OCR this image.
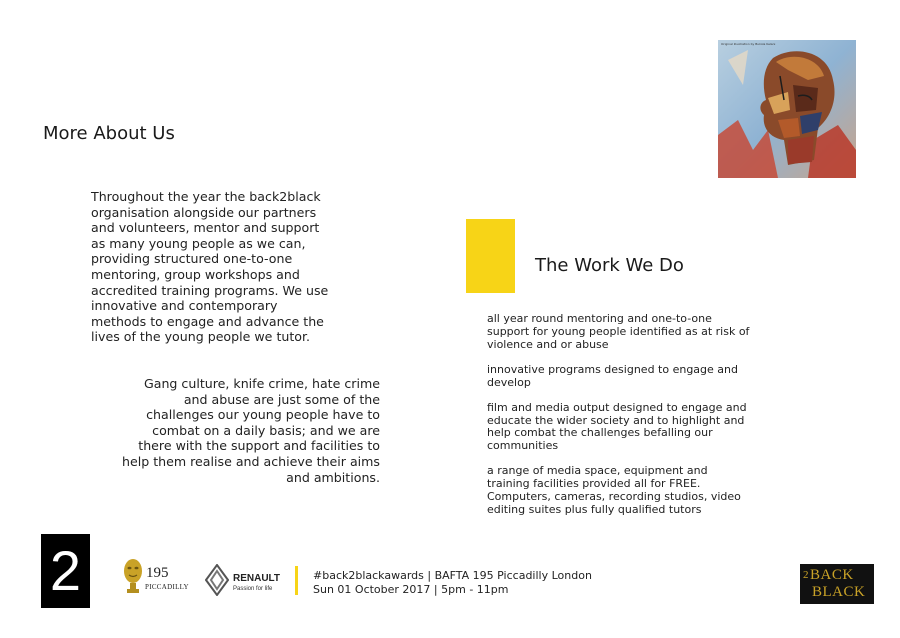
More About Us
Throughout the year the back2black organisation alongside our partners and volunteers, mentor and support as many young people as we can, providing structured one-to-one mentoring, group workshops and accredited training programs. We use innovative and contemporary methods to engage and advance the lives of the young people we tutor.
Gang culture, knife crime, hate crime and abuse are just some of the challenges our young people have to combat on a daily basis; and we are there with the support and facilities to help them realise and achieve their aims and ambitions.
Original illustration by Bukola Kelani
The Work We Do
all year round mentoring and one-to-one support for young people identified as at risk of violence and or abuse
innovative programs designed to engage and develop
film and media output designed to engage and educate the wider society and to highlight and help combat the challenges befalling our communities
a range of media space, equipment and training facilities provided all for FREE. Computers, cameras, recording studios, video editing suites plus fully qualified tutors
2	195
PICCADILLY
RENAULT
Passion for life
#back2blackawards | BAFTA 195 Piccadilly London
Sun 01 October 2017 | 5pm - 11pm
BACK
2
BLACK
